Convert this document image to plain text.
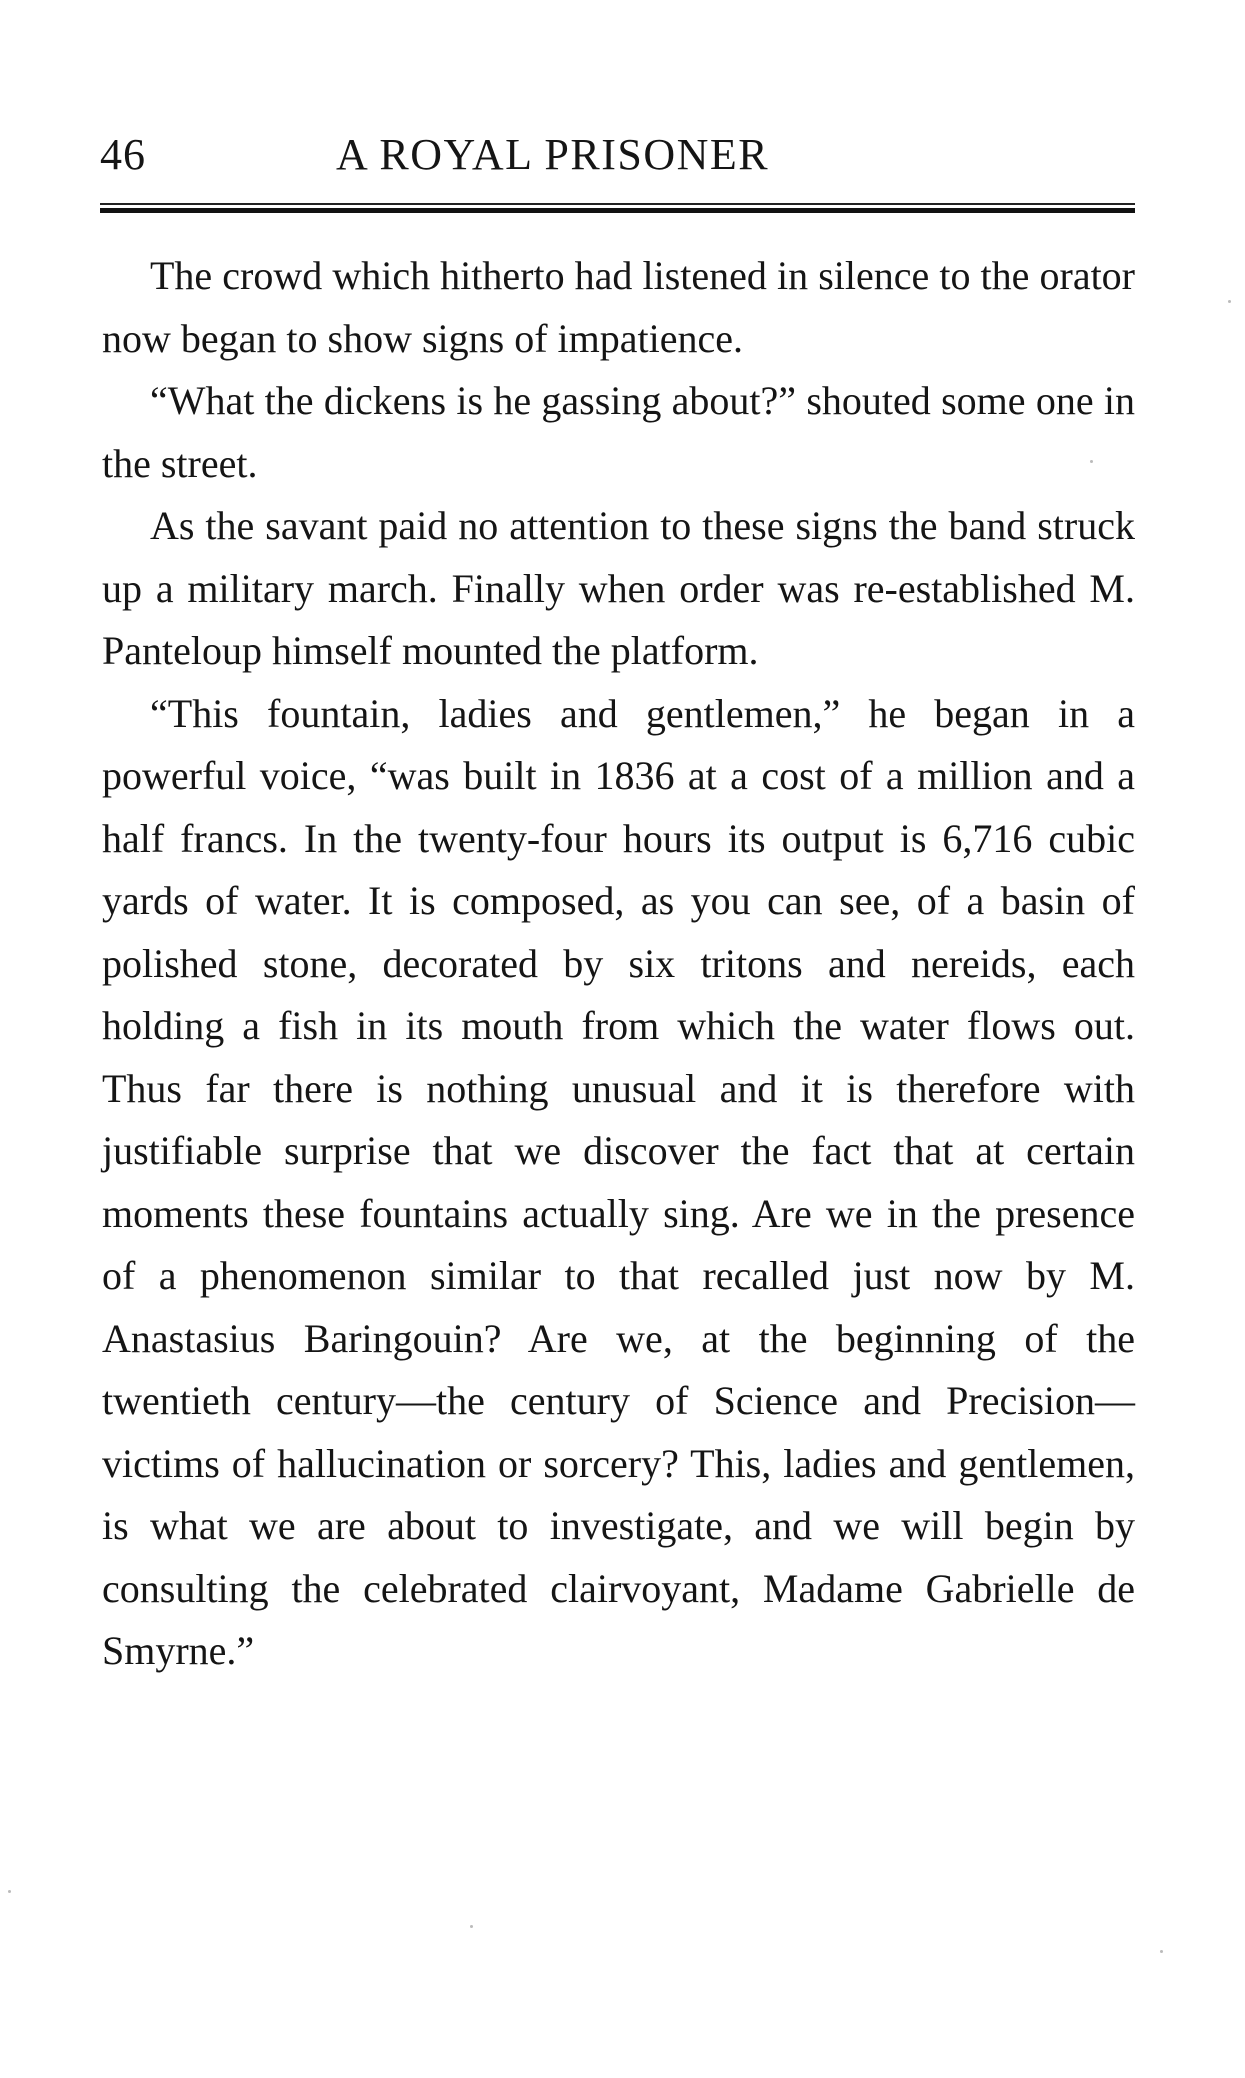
46	A ROYAL PRISONER

The crowd which hitherto had listened in silence to the orator now began to show signs of impatience.

“What the dickens is he gassing about?” shouted some one in the street.

As the savant paid no attention to these signs the band struck up a military march. Finally when order was re-established M. Panteloup himself mounted the platform.

“This fountain, ladies and gentlemen,” he began in a powerful voice, “was built in 1836 at a cost of a million and a half francs. In the twenty-four hours its output is 6,716 cubic yards of water. It is composed, as you can see, of a basin of polished stone, decorated by six tritons and nereids, each holding a fish in its mouth from which the water flows out. Thus far there is nothing unusual and it is therefore with justifiable surprise that we discover the fact that at certain moments these fountains actually sing. Are we in the presence of a phenomenon similar to that recalled just now by M. Anastasius Baringouin? Are we, at the beginning of the twentieth century—the century of Science and Precision—victims of hallucination or sorcery? This, ladies and gentlemen, is what we are about to investigate, and we will begin by consulting the celebrated clairvoyant, Madame Gabrielle de Smyrne.”
